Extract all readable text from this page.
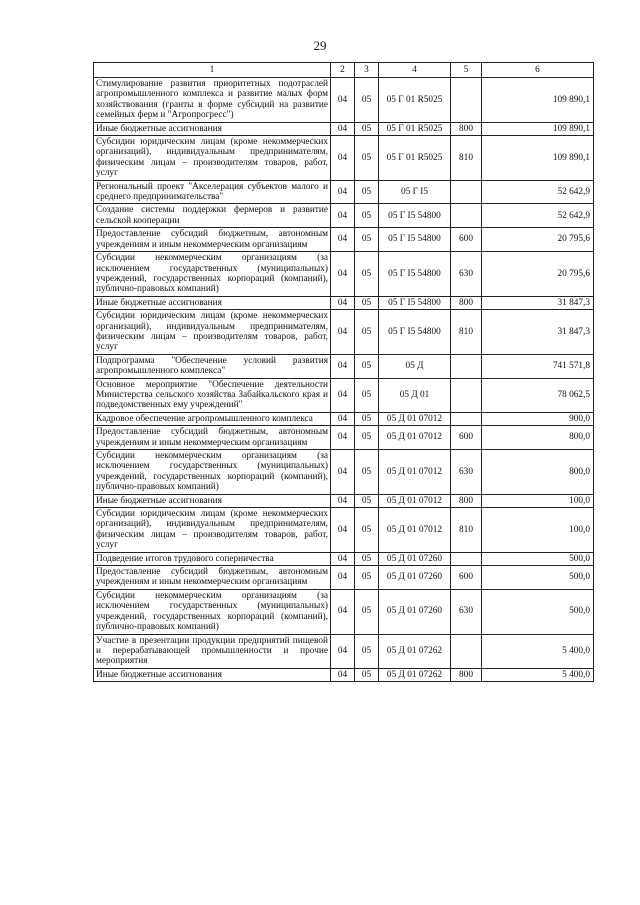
29
1	2	3	4	5	6
Стимулирование развития приоритетных подотраслей агропромышленного комплекса и развитие малых форм хозяйствования (гранты в форме субсидий на развитие семейных ферм и "Агропрогресс")	04	05	05 Г 01 R5025		109 890,1
Иные бюджетные ассигнования	04	05	05 Г 01 R5025	800	109 890,1
Субсидии юридическим лицам (кроме некоммерческих организаций), индивидуальным предпринимателям, физическим лицам – производителям товаров, работ, услуг	04	05	05 Г 01 R5025	810	109 890,1
Региональный проект "Акселерация субъектов малого и среднего предпринимательства"	04	05	05 Г I5		52 642,9
Создание системы поддержки фермеров и развитие сельской кооперации	04	05	05 Г I5 54800		52 642,9
Предоставление субсидий бюджетным, автономным учреждениям и иным некоммерческим организациям	04	05	05 Г I5 54800	600	20 795,6
Субсидии некоммерческим организациям (за исключением государственных (муниципальных) учреждений, государственных корпораций (компаний), публично-правовых компаний)	04	05	05 Г I5 54800	630	20 795,6
Иные бюджетные ассигнования	04	05	05 Г I5 54800	800	31 847,3
Субсидии юридическим лицам (кроме некоммерческих организаций), индивидуальным предпринимателям, физическим лицам – производителям товаров, работ, услуг	04	05	05 Г I5 54800	810	31 847,3
Подпрограмма "Обеспечение условий развития агропромышленного комплекса"	04	05	05 Д		741 571,8
Основное мероприятие "Обеспечение деятельности Министерства сельского хозяйства Забайкальского края и подведомственных ему учреждений"	04	05	05 Д 01		78 062,5
Кадровое обеспечение агропромышленного комплекса	04	05	05 Д 01 07012		900,0
Предоставление субсидий бюджетным, автономным учреждениям и иным некоммерческим организациям	04	05	05 Д 01 07012	600	800,0
Субсидии некоммерческим организациям (за исключением государственных (муниципальных) учреждений, государственных корпораций (компаний), публично-правовых компаний)	04	05	05 Д 01 07012	630	800,0
Иные бюджетные ассигнования	04	05	05 Д 01 07012	800	100,0
Субсидии юридическим лицам (кроме некоммерческих организаций), индивидуальным предпринимателям, физическим лицам – производителям товаров, работ, услуг	04	05	05 Д 01 07012	810	100,0
Подведение итогов трудового соперничества	04	05	05 Д 01 07260		500,0
Предоставление субсидий бюджетным, автономным учреждениям и иным некоммерческим организациям	04	05	05 Д 01 07260	600	500,0
Субсидии некоммерческим организациям (за исключением государственных (муниципальных) учреждений, государственных корпораций (компаний), публично-правовых компаний)	04	05	05 Д 01 07260	630	500,0
Участие в презентации продукции предприятий пищевой и перерабатывающей промышленности и прочие мероприятия	04	05	05 Д 01 07262		5 400,0
Иные бюджетные ассигнования	04	05	05 Д 01 07262	800	5 400,0
